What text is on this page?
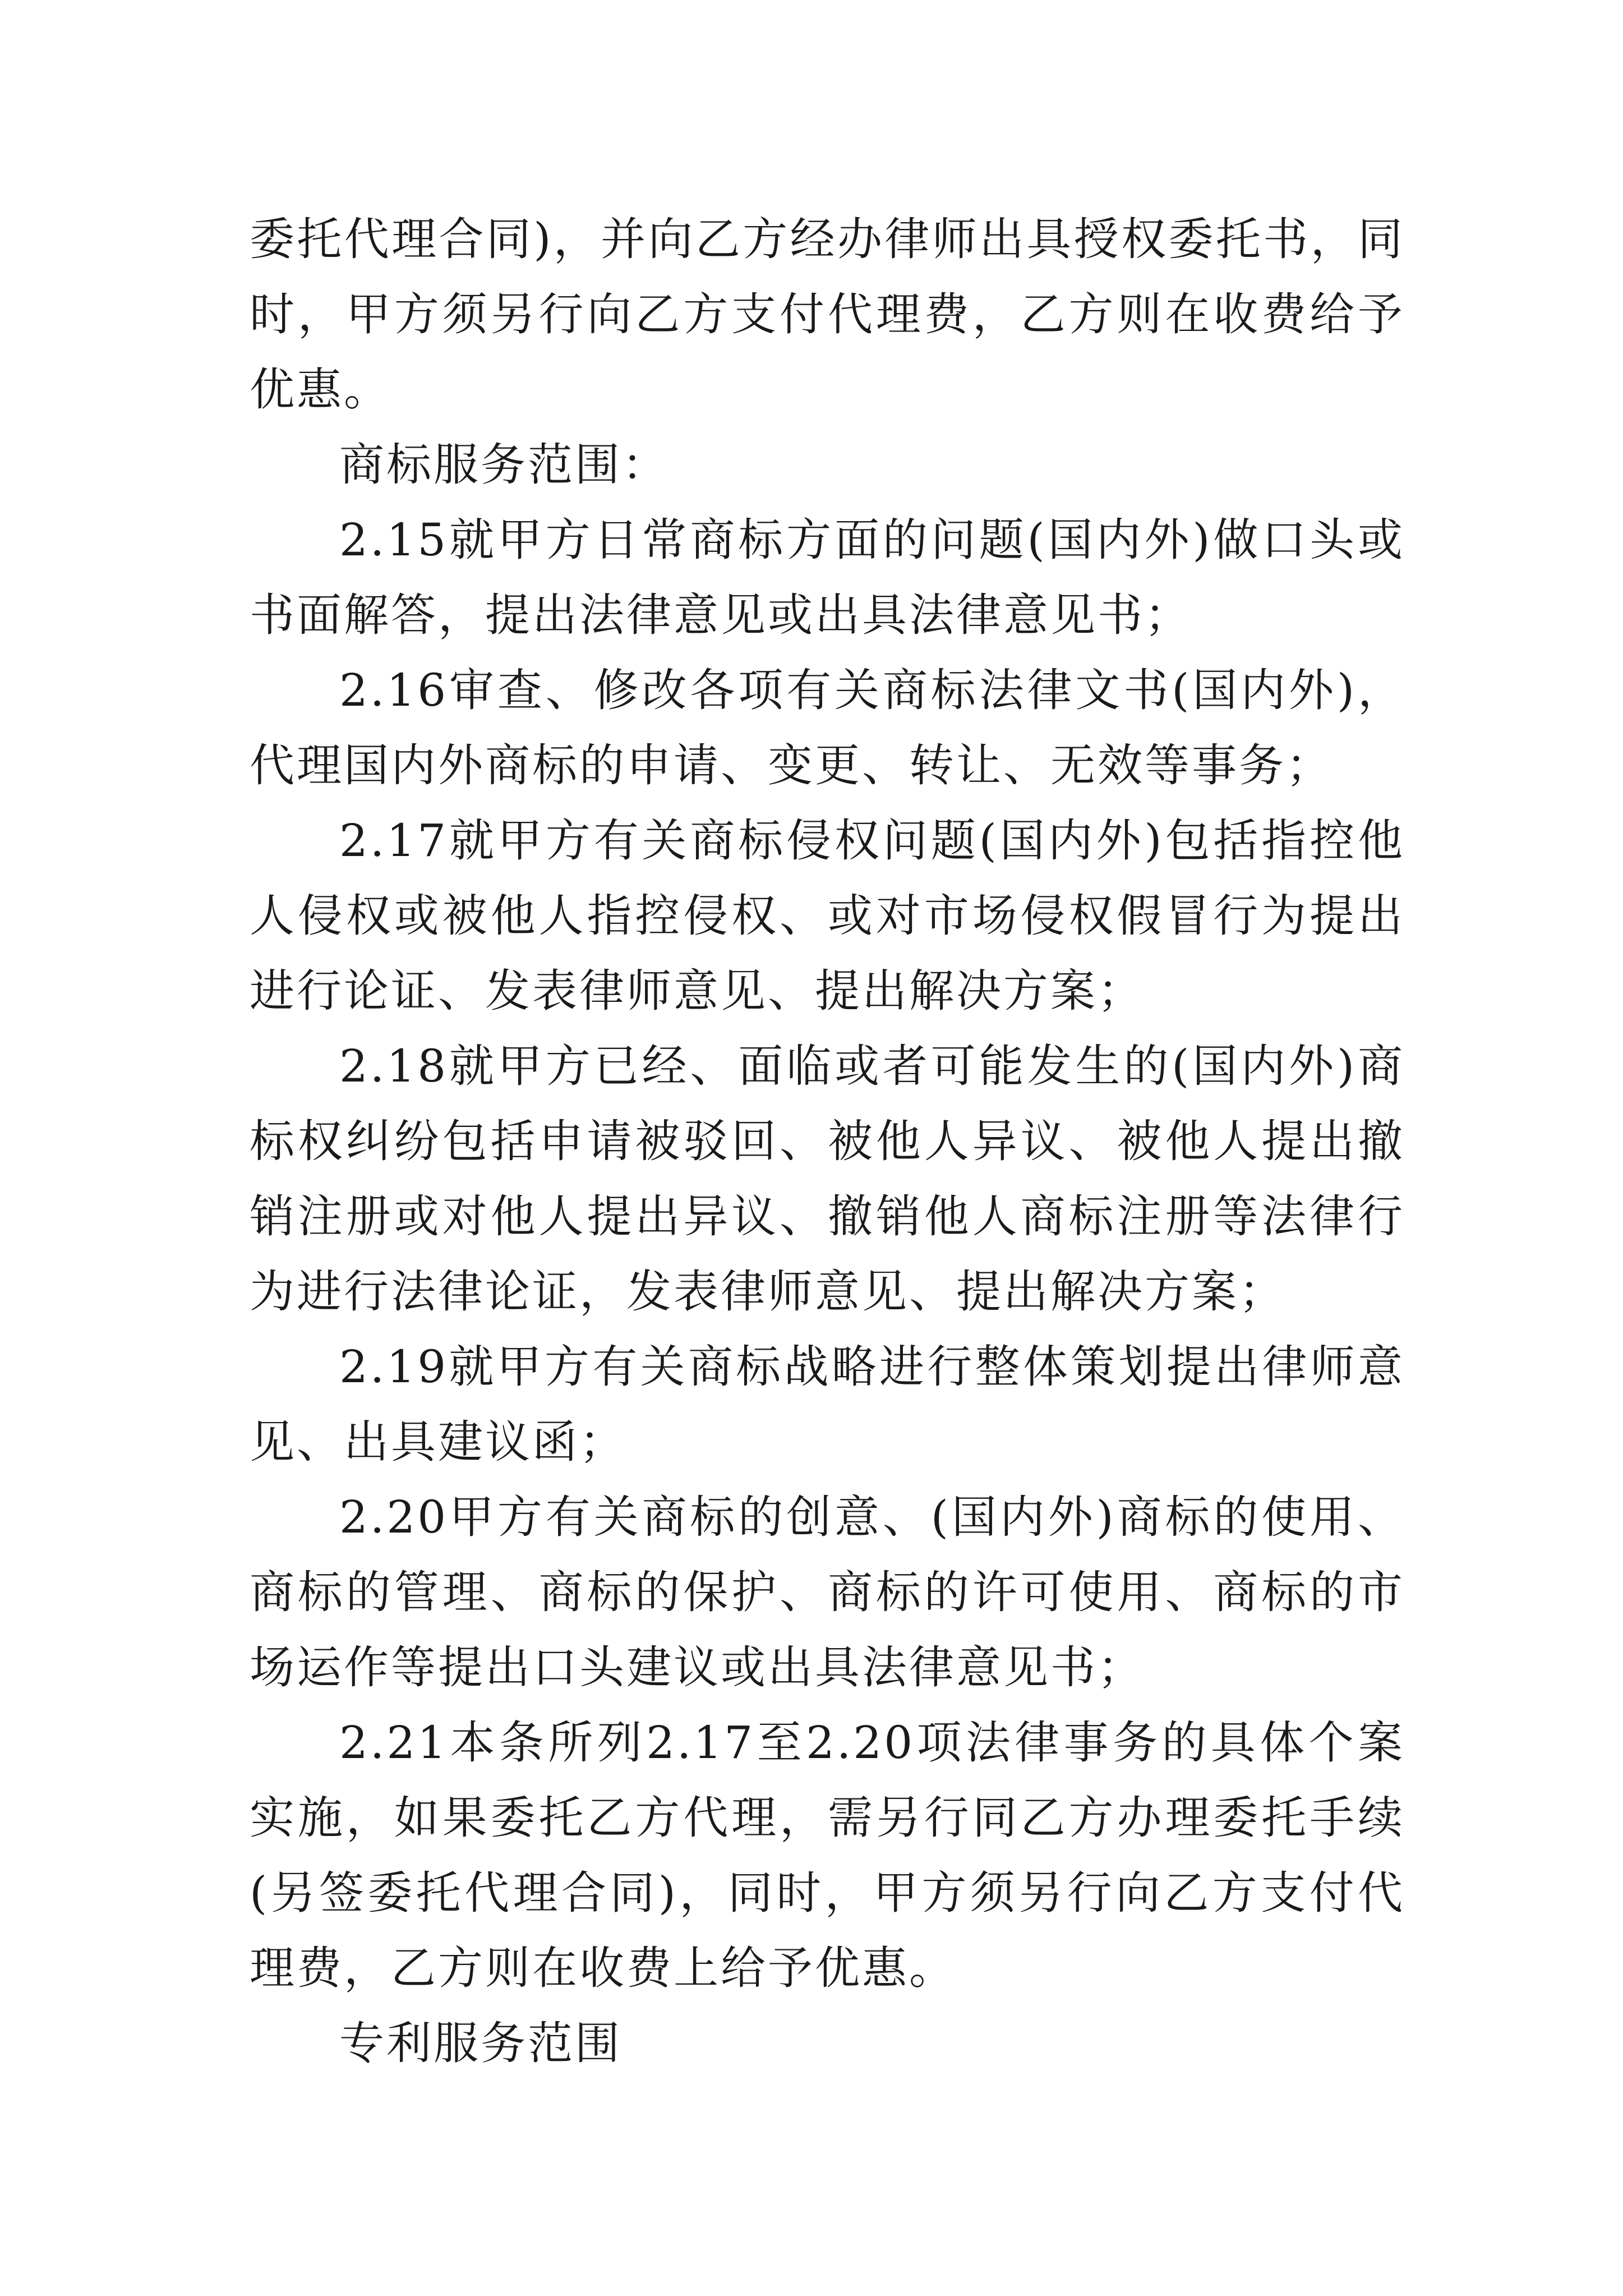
委托代理合同)，并向乙方经办律师出具授权委托书，同时，甲方须另行向乙方支付代理费，乙方则在收费给予优惠。

商标服务范围：

2.15就甲方日常商标方面的问题(国内外)做口头或书面解答，提出法律意见或出具法律意见书；

2.16审查、修改各项有关商标法律文书(国内外)，代理国内外商标的申请、变更、转让、无效等事务；

2.17就甲方有关商标侵权问题(国内外)包括指控他人侵权或被他人指控侵权、或对市场侵权假冒行为提出进行论证、发表律师意见、提出解决方案；

2.18就甲方已经、面临或者可能发生的(国内外)商标权纠纷包括申请被驳回、被他人异议、被他人提出撤销注册或对他人提出异议、撤销他人商标注册等法律行为进行法律论证，发表律师意见、提出解决方案；

2.19就甲方有关商标战略进行整体策划提出律师意见、出具建议函；

2.20甲方有关商标的创意、(国内外)商标的使用、商标的管理、商标的保护、商标的许可使用、商标的市场运作等提出口头建议或出具法律意见书；

2.21本条所列2.17至2.20项法律事务的具体个案实施，如果委托乙方代理，需另行同乙方办理委托手续(另签委托代理合同)，同时，甲方须另行向乙方支付代理费，乙方则在收费上给予优惠。

专利服务范围
